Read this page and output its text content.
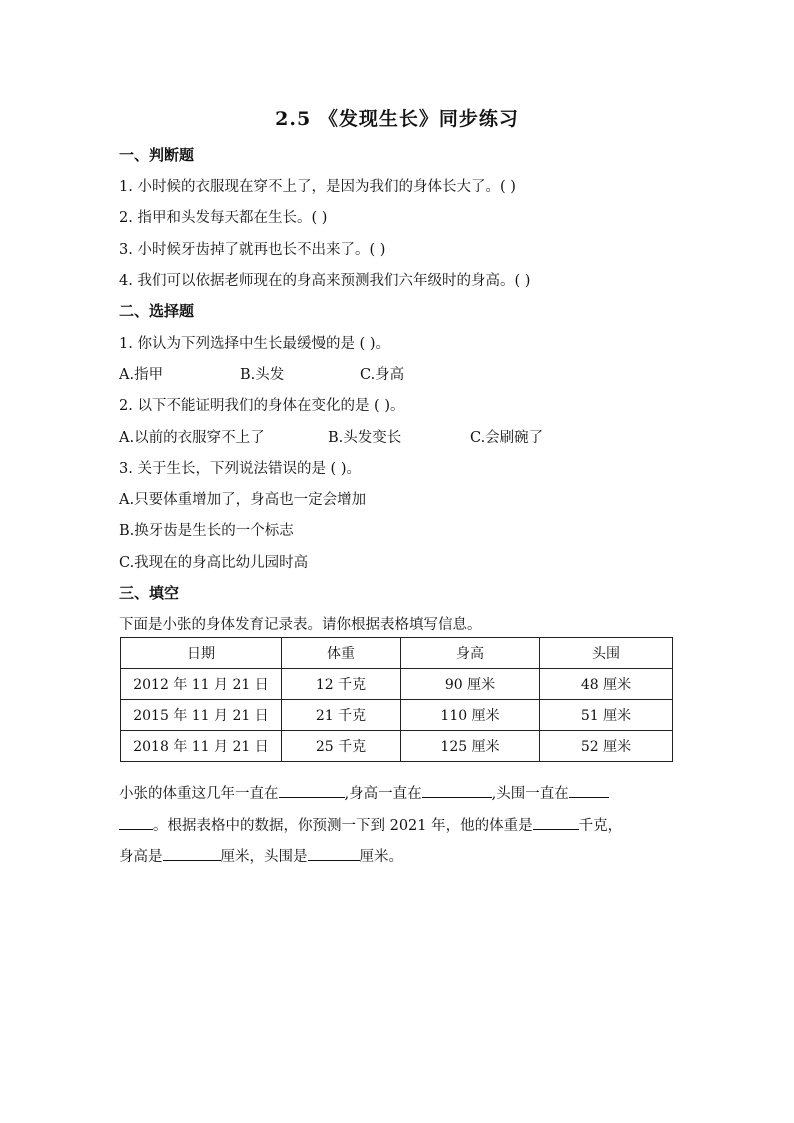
2.5 《发现生长》同步练习
一、判断题
1. 小时候的衣服现在穿不上了，是因为我们的身体长大了。( )
2. 指甲和头发每天都在生长。( )
3. 小时候牙齿掉了就再也长不出来了。( )
4. 我们可以依据老师现在的身高来预测我们六年级时的身高。( )
二、选择题
1. 你认为下列选择中生长最缓慢的是 ( )。
A.指甲	B.头发	C.身高
2. 以下不能证明我们的身体在变化的是 ( )。
A.以前的衣服穿不上了	B.头发变长	C.会刷碗了
3. 关于生长，下列说法错误的是 ( )。
A.只要体重增加了，身高也一定会增加
B.换牙齿是生长的一个标志
C.我现在的身高比幼儿园时高
三、填空
下面是小张的身体发育记录表。请你根据表格填写信息。
日期	体重	身高	头围
2012 年 11 月 21 日	12 千克	90 厘米	48 厘米
2015 年 11 月 21 日	21 千克	110 厘米	51 厘米
2018 年 11 月 21 日	25 千克	125 厘米	52 厘米
小张的体重这几年一直在	,身高一直在	,头围一直在
。根据表格中的数据，你预测一下到 2021 年，他的体重是	千克，
身高是	厘米，头围是	厘米。
